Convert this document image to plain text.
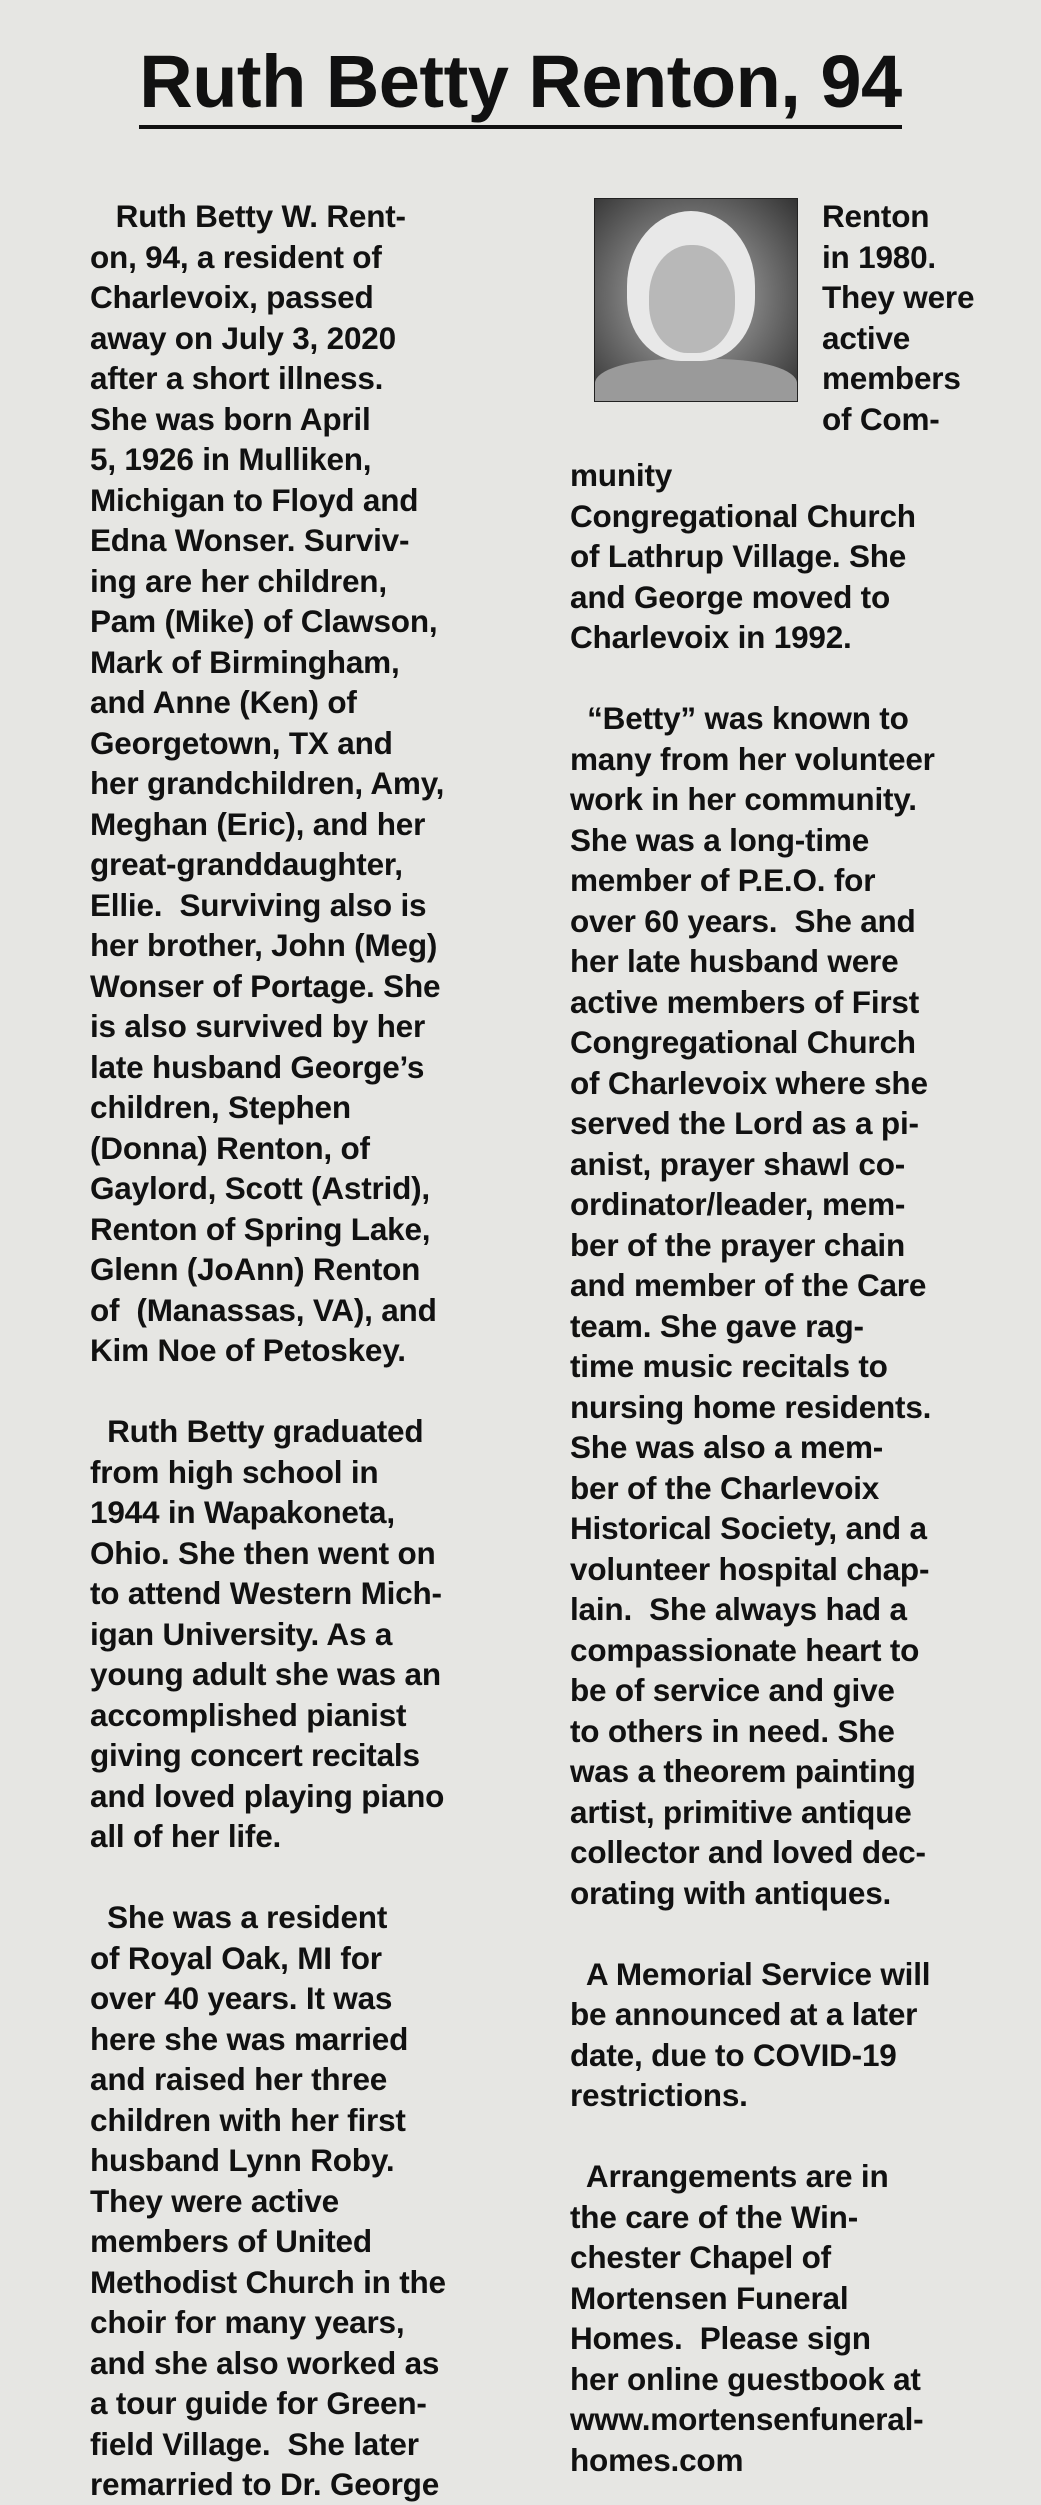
Ruth Betty Renton, 94

Ruth Betty W. Rent-

on, 94, a resident of

Charlevoix, passed

away on July 3, 2020

after a short illness.

She was born April

5, 1926 in Mulliken,

Michigan to Floyd and

Edna Wonser. Surviv-

ing are her children,

Pam (Mike) of Clawson,

Mark of Birmingham,

and Anne (Ken) of

Georgetown, TX and

her grandchildren, Amy,

Meghan (Eric), and her

great-granddaughter,

Ellie.  Surviving also is

her brother, John (Meg)

Wonser of Portage. She

is also survived by her

late husband George’s

children, Stephen

(Donna) Renton, of

Gaylord, Scott (Astrid),

Renton of Spring Lake,

Glenn (JoAnn) Renton

of  (Manassas, VA), and

Kim Noe of Petoskey.

Ruth Betty graduated

from high school in

1944 in Wapakoneta,

Ohio. She then went on

to attend Western Mich-

igan University. As a

young adult she was an

accomplished pianist

giving concert recitals

and loved playing piano

all of her life.

She was a resident

of Royal Oak, MI for

over 40 years. It was

here she was married

and raised her three

children with her first

husband Lynn Roby.

They were active

members of United

Methodist Church in the

choir for many years,

and she also worked as

a tour guide for Green-

field Village.  She later

remarried to Dr. George

Renton

in 1980.

They were

active

members

of Com-

munity

Congregational Church

of Lathrup Village. She

and George moved to

Charlevoix in 1992.

“Betty” was known to

many from her volunteer

work in her community.

She was a long-time

member of P.E.O. for

over 60 years.  She and

her late husband were

active members of First

Congregational Church

of Charlevoix where she

served the Lord as a pi-

anist, prayer shawl co-

ordinator/leader, mem-

ber of the prayer chain

and member of the Care

team. She gave rag-

time music recitals to

nursing home residents.

She was also a mem-

ber of the Charlevoix

Historical Society, and a

volunteer hospital chap-

lain.  She always had a

compassionate heart to

be of service and give

to others in need. She

was a theorem painting

artist, primitive antique

collector and loved dec-

orating with antiques.

A Memorial Service will

be announced at a later

date, due to COVID-19

restrictions.

Arrangements are in

the care of the Win-

chester Chapel of

Mortensen Funeral

Homes.  Please sign

her online guestbook at

www.mortensenfuneral-

homes.com
